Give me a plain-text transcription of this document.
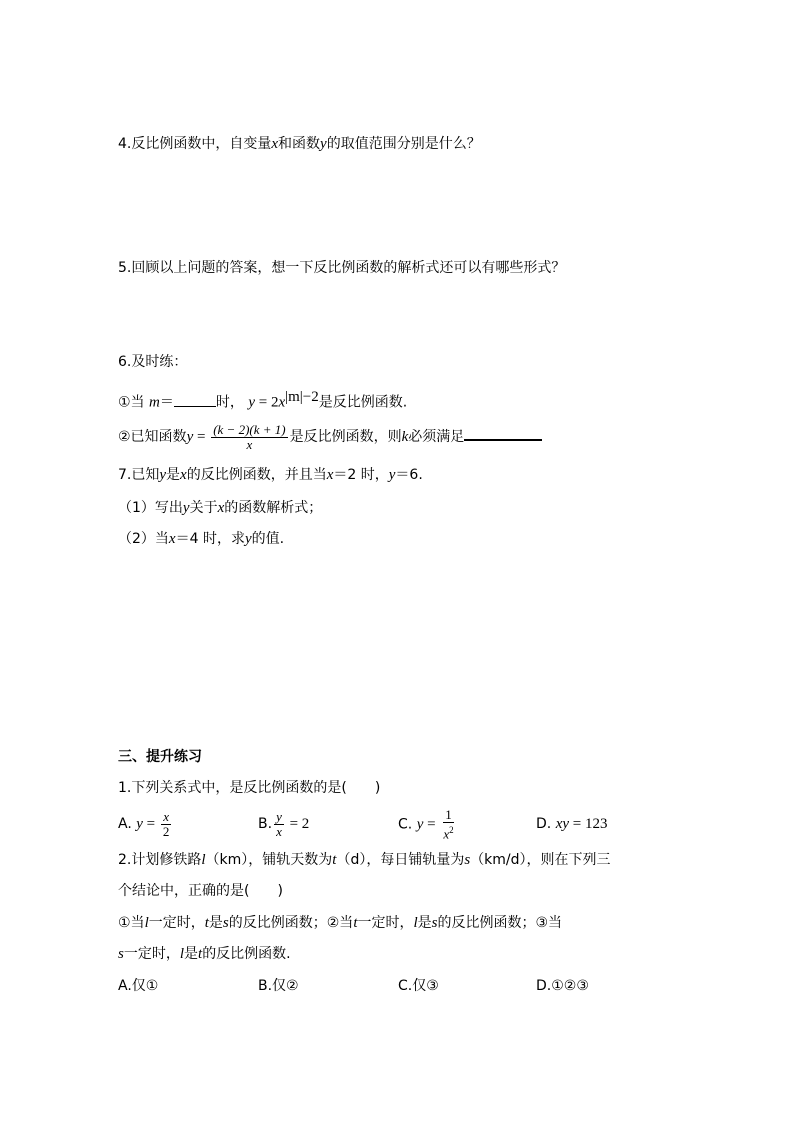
4.反比例函数中，自变量x和函数y的取值范围分别是什么？
5.回顾以上问题的答案，想一下反比例函数的解析式还可以有哪些形式？
6.及时练：
①当 m＝	时， $y = 2x^{|m|-2}$是反比例函数.
②已知函数$y = \frac{(k - 2)(k + 1)}{x}$ 是反比例函数，则k必须满足
7.已知y是x的反比例函数，并且当x＝2 时，y＝6.
（1）写出y关于x的函数解析式；
（2）当x＝4 时，求y的值.
三、提升练习
1.下列关系式中，是反比例函数的是(　　)
A. $y = \frac{x}{2}$	B. $\frac{y}{x} = 2$	C. $y = \frac{1}{x^2}$	D. xy = 123
2.计划修铁路l（km），铺轨天数为t（d），每日铺轨量为s（km/d），则在下列三
个结论中，正确的是(　　)
①当l一定时，t是s的反比例函数；②当t一定时，l是s的反比例函数；③当
s一定时，l是t的反比例函数.
A.仅①	B.仅②	C.仅③	D.①②③
